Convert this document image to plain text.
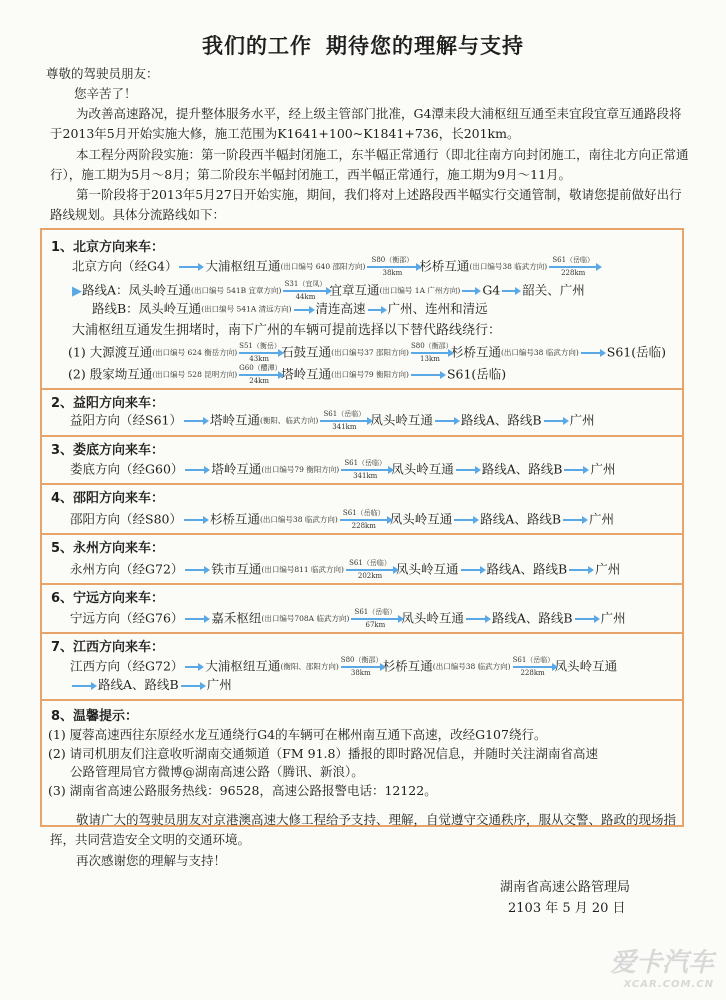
我们的工作 期待您的理解与支持
尊敬的驾驶员朋友：
您辛苦了！
为改善高速路况，提升整体服务水平，经上级主管部门批准，G4潭耒段大浦枢纽互通至耒宜段宜章互通路段将于2013年5月开始实施大修，施工范围为K1641+100~K1841+736，长201km。
本工程分两阶段实施：第一阶段西半幅封闭施工，东半幅正常通行（即北往南方向封闭施工，南往北方向正常通行），施工期为5月～8月；第二阶段东半幅封闭施工，西半幅正常通行，施工期为9月～11月。
第一阶段将于2013年5月27日开始实施，期间，我们将对上述路段西半幅实行交通管制，敬请您提前做好出行路线规划。具体分流路线如下：
1、北京方向来车：
北京方向（经G4） 大浦枢纽互通(出口编号 640 邵阳方向)
S80（衡邵）
38km	杉桥互通(出口编号38 临武方向)
S61（岳临）
228km
▶路线A：凤头岭互通(出口编号 541B 宜章方向)
S31（宜凤）
44km	宜章互通(出口编号 1A 广州方向) G4 韶关、广州
路线B：凤头岭互通(出口编号 541A 清远方向) 清连高速 广州、连州和清远
大浦枢纽互通发生拥堵时，南下广州的车辆可提前选择以下替代路线绕行：
(1) 大源渡互通(出口编号 624 衡岳方向)
S51（衡岳）
43km 石鼓互通(出口编号37 邵阳方向)
S80（衡邵）
13km 杉桥互通(出口编号38 临武方向) S61(岳临)
(2) 殷家坳互通(出口编号 528 昆明方向)
G60（醴潭）
24km 塔岭互通(出口编号79 衡阳方向)	S61(岳临)
2、益阳方向来车：
益阳方向（经S61） 塔岭互通(衡阳、临武方向)
S61（岳临）
341km	凤头岭互通 路线A、路线B 广州
3、娄底方向来车：
娄底方向（经G60） 塔岭互通(出口编号79 衡阳方向)
S61（岳临）
341km	凤头岭互通 路线A、路线B 广州
4、邵阳方向来车：
邵阳方向（经S80） 杉桥互通(出口编号38 临武方向)
S61（岳临）
228km	凤头岭互通 路线A、路线B 广州
5、永州方向来车：
永州方向（经G72） 铁市互通(出口编号811 临武方向)
S61（岳临）
202km	凤头岭互通 路线A、路线B 广州
6、宁远方向来车：
宁远方向（经G76） 嘉禾枢纽(出口编号708A 临武方向)
S61（岳临）
67km	凤头岭互通 路线A、路线B 广州
7、江西方向来车：
江西方向（经G72） 大浦枢纽互通(衡阳、邵阳方向)
S80（衡邵）
38km 杉桥互通(出口编号38 临武方向)
S61（岳临）
228km 凤头岭互通
路线A、路线B 广州
8、温馨提示：
(1) 厦蓉高速西往东原经水龙互通绕行G4的车辆可在郴州南互通下高速，改经G107绕行。
(2) 请司机朋友们注意收听湖南交通频道（FM 91.8）播报的即时路况信息，并随时关注湖南省高速
公路管理局官方微博@湖南高速公路（腾讯、新浪）。
(3) 湖南省高速公路服务热线：96528，高速公路报警电话：12122。
敬请广大的驾驶员朋友对京港澳高速大修工程给予支持、理解，自觉遵守交通秩序，服从交警、路政的现场指挥，共同营造安全文明的交通环境。
再次感谢您的理解与支持！
湖南省高速公路管理局
2103 年 5 月 20 日
爱卡汽车
XCAR.COM.CN
